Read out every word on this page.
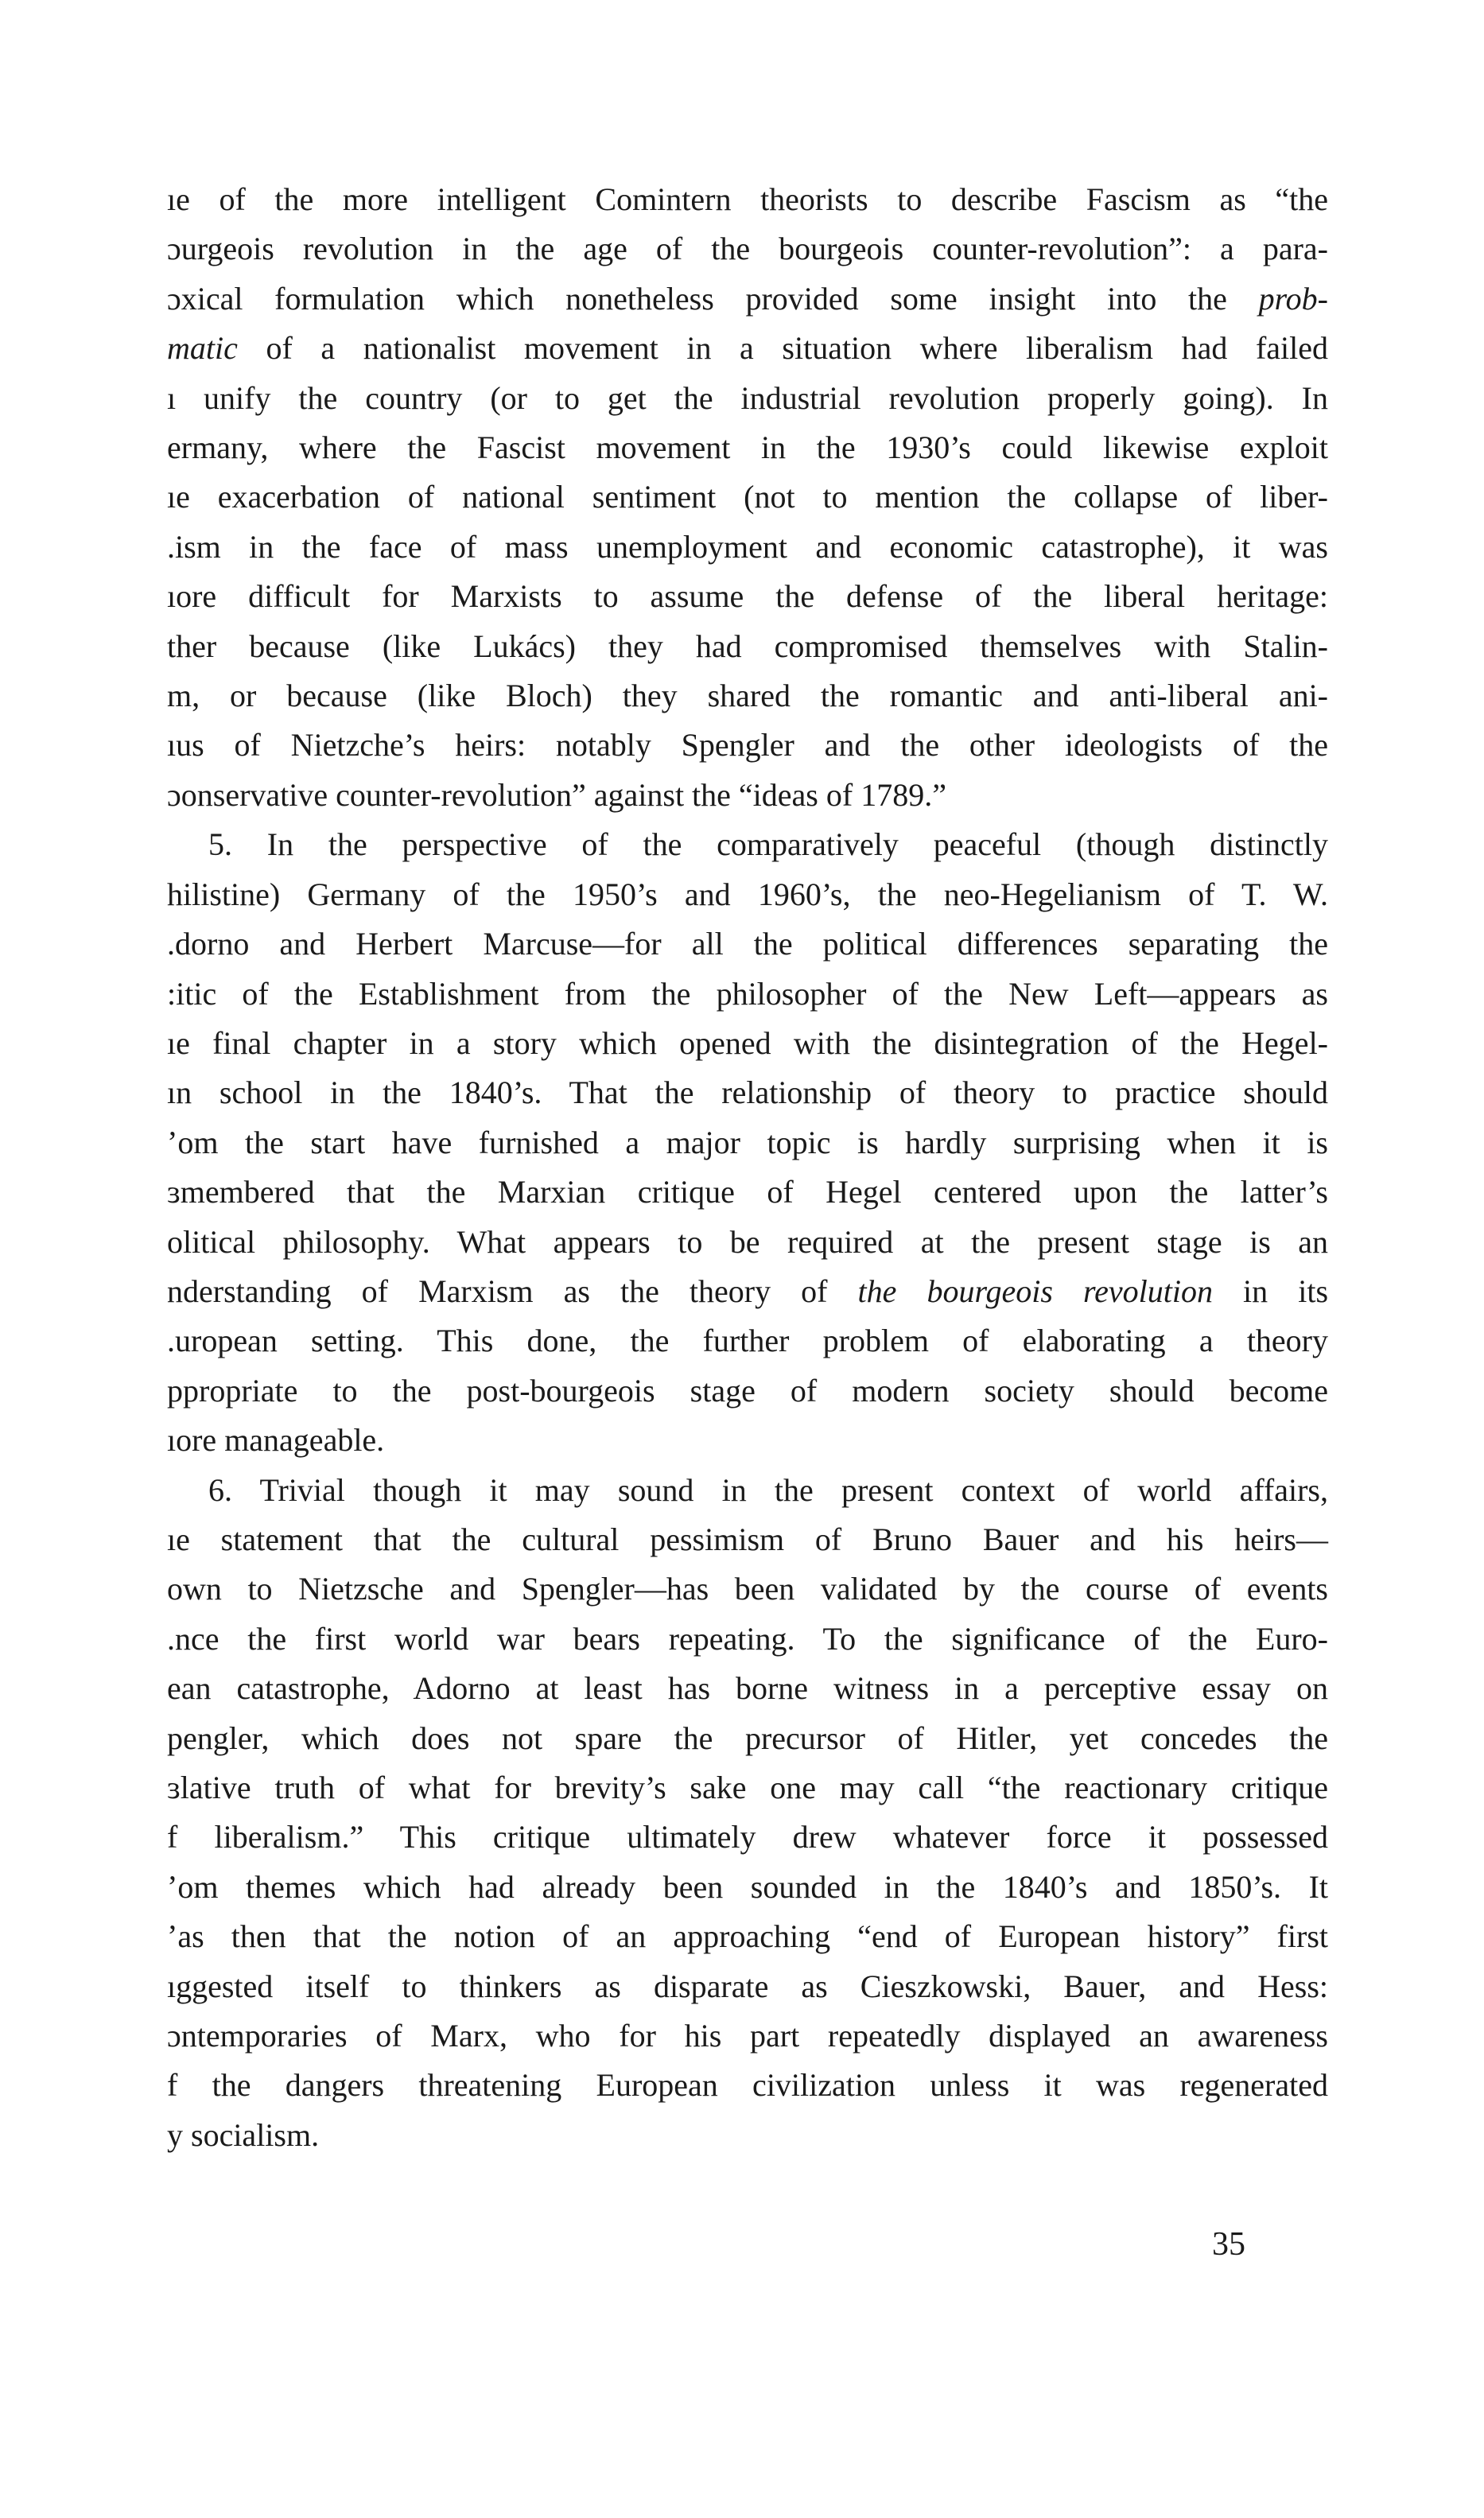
ıe of the more intelligent Comintern theorists to describe Fascism as “the
ɔurgeois revolution in the age of the bourgeois counter-revolution”: a para-
ɔxical formulation which nonetheless provided some insight into the prob-
matic of a nationalist movement in a situation where liberalism had failed
ı unify the country (or to get the industrial revolution properly going). In
ermany, where the Fascist movement in the 1930’s could likewise exploit
ıe exacerbation of national sentiment (not to mention the collapse of liber-
.ism in the face of mass unemployment and economic catastrophe), it was
ıore difficult for Marxists to assume the defense of the liberal heritage:
ther because (like Lukács) they had compromised themselves with Stalin-
m, or because (like Bloch) they shared the romantic and anti-liberal ani-
ıus of Nietzche’s heirs: notably Spengler and the other ideologists of the
ɔonservative counter-revolution” against the “ideas of 1789.”
5. In the perspective of the comparatively peaceful (though distinctly
hilistine) Germany of the 1950’s and 1960’s, the neo-Hegelianism of T. W.
.dorno and Herbert Marcuse—for all the political differences separating the
:itic of the Establishment from the philosopher of the New Left—appears as
ıe final chapter in a story which opened with the disintegration of the Hegel-
ın school in the 1840’s. That the relationship of theory to practice should
ʼom the start have furnished a major topic is hardly surprising when it is
ɜmembered that the Marxian critique of Hegel centered upon the latter’s
olitical philosophy. What appears to be required at the present stage is an
nderstanding of Marxism as the theory of the bourgeois revolution in its
.uropean setting. This done, the further problem of elaborating a theory
ppropriate to the post-bourgeois stage of modern society should become
ıore manageable.
6. Trivial though it may sound in the present context of world affairs,
ıe statement that the cultural pessimism of Bruno Bauer and his heirs—
own to Nietzsche and Spengler—has been validated by the course of events
.nce the first world war bears repeating. To the significance of the Euro-
ean catastrophe, Adorno at least has borne witness in a perceptive essay on
pengler, which does not spare the precursor of Hitler, yet concedes the
ɜlative truth of what for brevity’s sake one may call “the reactionary critique
f liberalism.” This critique ultimately drew whatever force it possessed
ʼom themes which had already been sounded in the 1840’s and 1850’s. It
ʼas then that the notion of an approaching “end of European history” first
ıggested itself to thinkers as disparate as Cieszkowski, Bauer, and Hess:
ɔntemporaries of Marx, who for his part repeatedly displayed an awareness
f the dangers threatening European civilization unless it was regenerated
y socialism.
35
